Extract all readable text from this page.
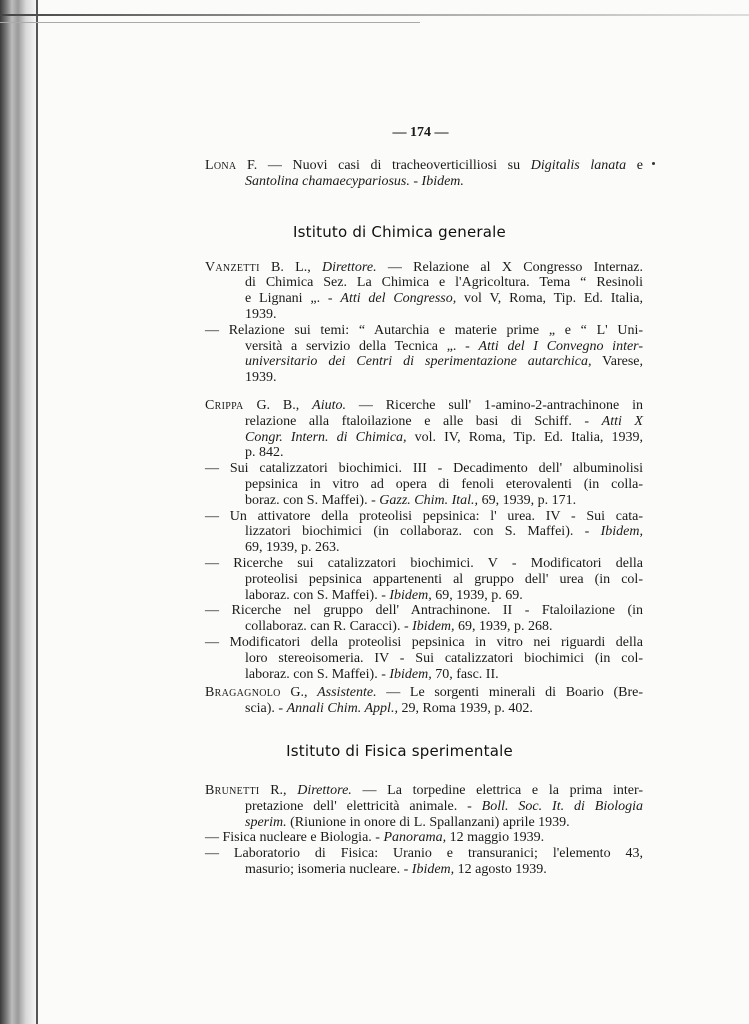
— 174 —
Lona F. — Nuovi casi di tracheoverticilliosi su Digitalis lanata e
Santolina chamaecypariosus. - Ibidem.
Istituto di Chimica generale
Vanzetti B. L., Direttore. — Relazione al X Congresso Internaz.
di Chimica Sez. La Chimica e l'Agricoltura. Tema “ Resinoli
e Lignani „. - Atti del Congresso, vol V, Roma, Tip. Ed. Italia,
1939.
— Relazione sui temi: “ Autarchia e materie prime „ e “ L' Uni-
versità a servizio della Tecnica „. - Atti del I Convegno inter-
universitario dei Centri di sperimentazione autarchica, Varese,
1939.
Crippa G. B., Aiuto. — Ricerche sull' 1-amino-2-antrachinone in
relazione alla ftaloilazione e alle basi di Schiff. - Atti X
Congr. Intern. di Chimica, vol. IV, Roma, Tip. Ed. Italia, 1939,
p. 842.
— Sui catalizzatori biochimici. III - Decadimento dell' albuminolisi
pepsinica in vitro ad opera di fenoli eterovalenti (in colla-
boraz. con S. Maffei). - Gazz. Chim. Ital., 69, 1939, p. 171.
— Un attivatore della proteolisi pepsinica: l' urea. IV - Sui cata-
lizzatori biochimici (in collaboraz. con S. Maffei). - Ibidem,
69, 1939, p. 263.
— Ricerche sui catalizzatori biochimici. V - Modificatori della
proteolisi pepsinica appartenenti al gruppo dell' urea (in col-
laboraz. con S. Maffei). - Ibidem, 69, 1939, p. 69.
— Ricerche nel gruppo dell' Antrachinone. II - Ftaloilazione (in
collaboraz. can R. Caracci). - Ibidem, 69, 1939, p. 268.
— Modificatori della proteolisi pepsinica in vitro nei riguardi della
loro stereoisomeria. IV - Sui catalizzatori biochimici (in col-
laboraz. con S. Maffei). - Ibidem, 70, fasc. II.
Bragagnolo G., Assistente. — Le sorgenti minerali di Boario (Bre-
scia). - Annali Chim. Appl., 29, Roma 1939, p. 402.
Istituto di Fisica sperimentale
Brunetti R., Direttore. — La torpedine elettrica e la prima inter-
pretazione dell' elettricità animale. - Boll. Soc. It. di Biologia
sperim. (Riunione in onore di L. Spallanzani) aprile 1939.
— Fisica nucleare e Biologia. - Panorama, 12 maggio 1939.
— Laboratorio di Fisica: Uranio e transuranici; l'elemento 43,
masurio; isomeria nucleare. - Ibidem, 12 agosto 1939.
